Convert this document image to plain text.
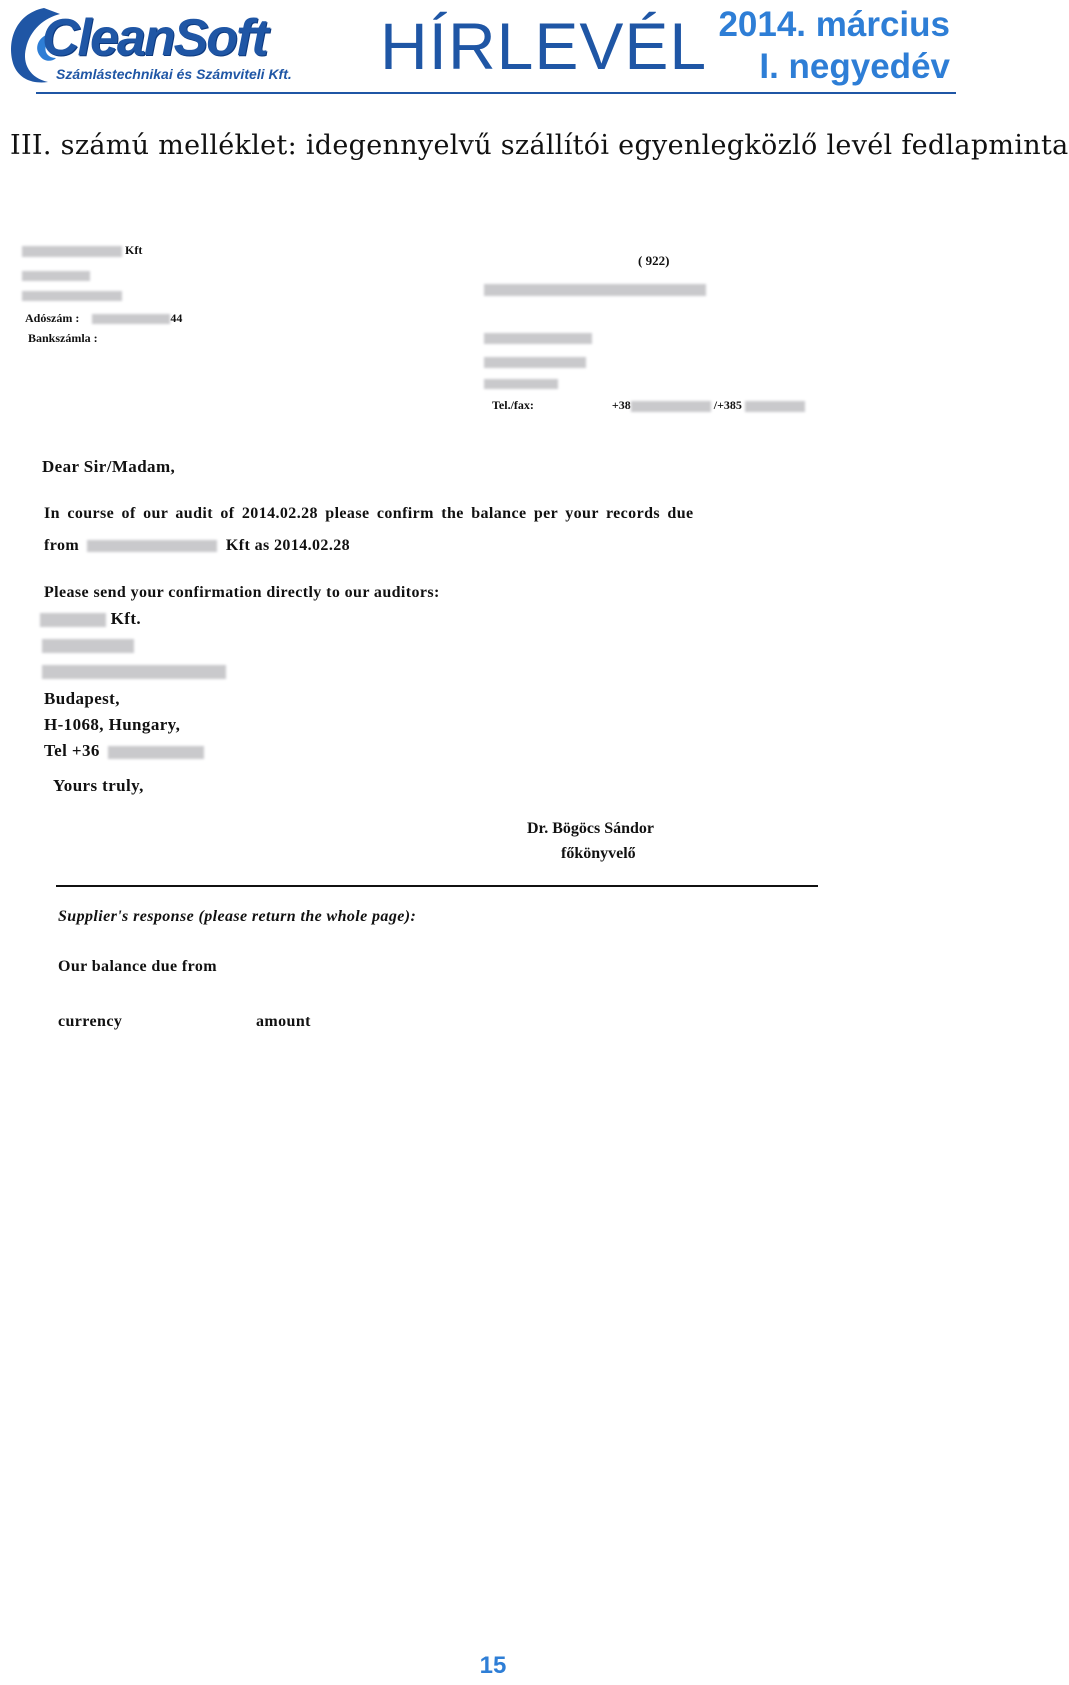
CleanSoft
Számlástechnikai és Számviteli Kft. HÍRLEVÉL 2014. március
I. negyedév
III. számú melléklet: idegennyelvű szállítói egyenlegközlő levél fedlapminta
Kft
Adószám :	44
Bankszámla :
( 922)
Tel./fax:	+38	/+385
Dear Sir/Madam,
In course of our audit of 2014.02.28 please confirm the balance per your records due
from	Kft as 2014.02.28
Please send your confirmation directly to our auditors:
Kft.
Budapest,
H-1068, Hungary,
Tel +36
Yours truly,
Dr. Bögöcs Sándor
főkönyvelő
Supplier's response (please return the whole page):
Our balance due from
currency	amount
15
